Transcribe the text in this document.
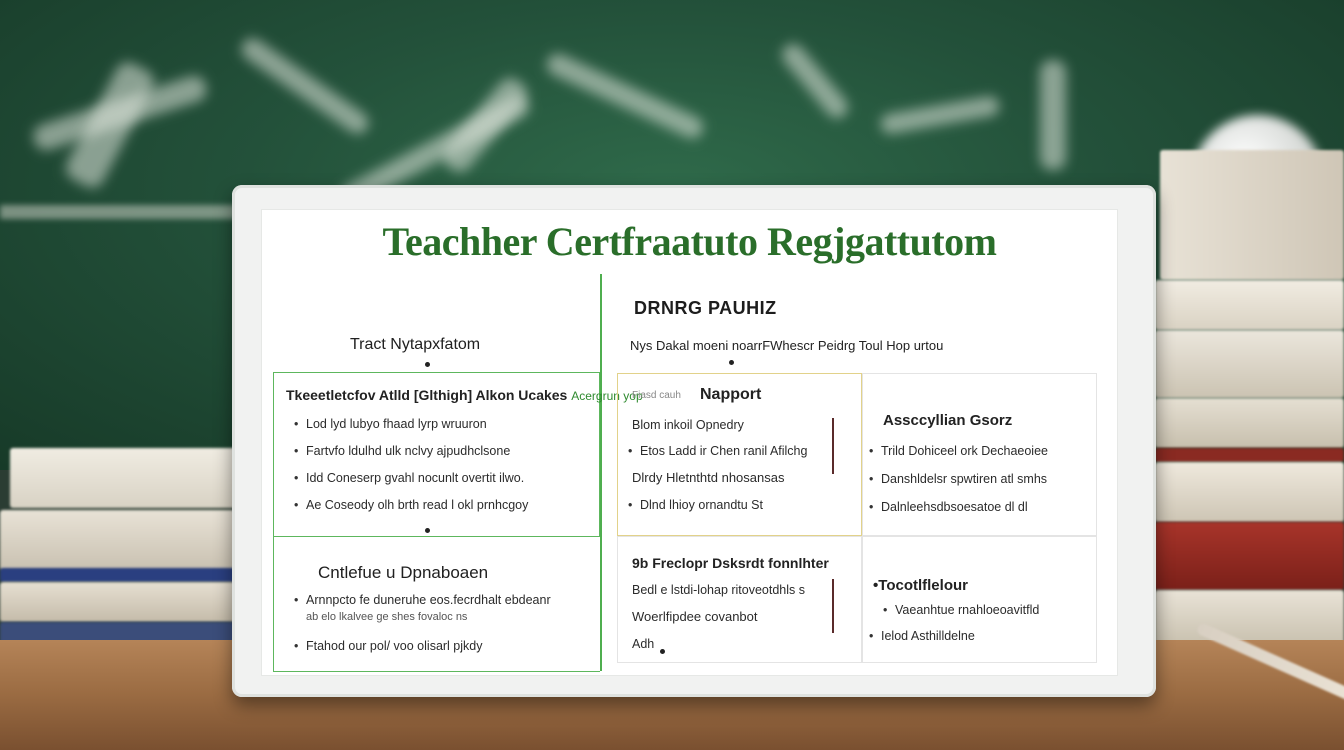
Teachher Certfraatuto Regjgattutom
Tract Nytapxfatom
Tkeeetletcfov Atlld [Glthigh] Alkon Ucakes Acergrun yop
• Lod lyd lubyo fhaad lyrp wruuron
• Fartvfo ldulhd ulk nclvy ajpudhclsone
• Idd Coneserp gvahl nocunlt overtit ilwo.
• Ae Coseody olh brth read l okl prnhcgoy
Cntlefue u Dpnaboaen
• Arnnpcto fe duneruhe eos.fecrdhalt ebdeanr
ab elo lkalvee ge shes fovaloc ns
• Ftahod our pol/ voo olisarl pjkdy
DRNRG PAUHIZ
Nys Dakal moeni noarrFWhescr Peidrg Toul Hop urtou
Fiasd cauh Napport
Blom inkoil Opnedry
• Etos Ladd ir Chen ranil Afilchg
Dlrdy Hletnthtd nhosansas
• Dlnd lhioy ornandtu St
Assccyllian Gsorz
• Trild Dohiceel ork Dechaeoiee
• Danshldelsr spwtiren atl smhs
• Dalnleehsdbsoesatoe dl dl
9b Freclopr Dsksrdt fonnlhter
Bedl e lstdi-lohap ritoveotdhls s
Woerlfipdee covanbot
Adh
•Tocotlflelour
• Vaeanhtue rnahloeoavitfld
• Ielod Asthilldelne
